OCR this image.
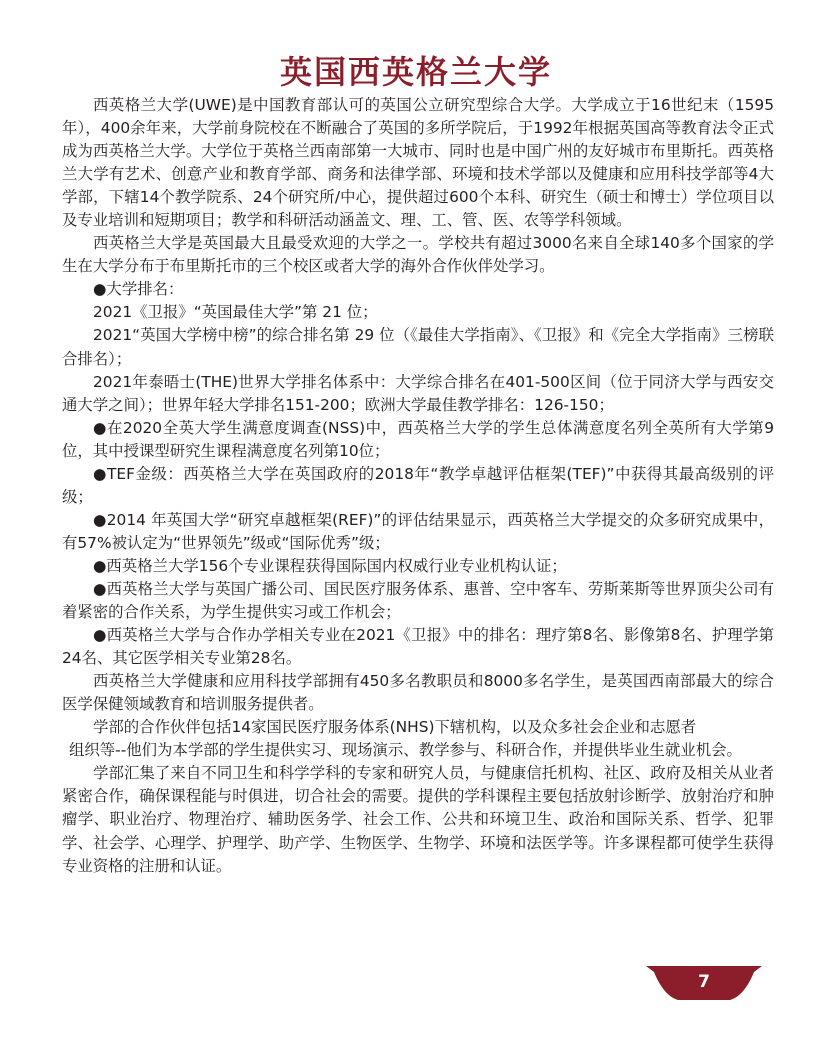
英国西英格兰大学

西英格兰大学(UWE)是中国教育部认可的英国公立研究型综合大学。大学成立于16世纪末（1595年），400余年来，大学前身院校在不断融合了英国的多所学院后，于1992年根据英国高等教育法令正式成为西英格兰大学。大学位于英格兰西南部第一大城市、同时也是中国广州的友好城市布里斯托。西英格兰大学有艺术、创意产业和教育学部、商务和法律学部、环境和技术学部以及健康和应用科技学部等4大学部，下辖14个教学院系、24个研究所/中心，提供超过600个本科、研究生（硕士和博士）学位项目以及专业培训和短期项目；教学和科研活动涵盖文、理、工、管、医、农等学科领域。

西英格兰大学是英国最大且最受欢迎的大学之一。学校共有超过3000名来自全球140多个国家的学生在大学分布于布里斯托市的三个校区或者大学的海外合作伙伴处学习。

●大学排名：

2021《卫报》“英国最佳大学”第 21 位；

2021“英国大学榜中榜”的综合排名第 29 位（《最佳大学指南》、《卫报》和《完全大学指南》三榜联合排名）；

2021年泰晤士(THE)世界大学排名体系中：大学综合排名在401-500区间（位于同济大学与西安交通大学之间）；世界年轻大学排名151-200；欧洲大学最佳教学排名：126-150；

●在2020全英大学生满意度调查(NSS)中，西英格兰大学的学生总体满意度名列全英所有大学第9位，其中授课型研究生课程满意度名列第10位；

●TEF金级：西英格兰大学在英国政府的2018年“教学卓越评估框架(TEF)”中获得其最高级别的评级；

●2014 年英国大学“研究卓越框架(REF)”的评估结果显示，西英格兰大学提交的众多研究成果中，有57%被认定为“世界领先”级或“国际优秀”级；

●西英格兰大学156个专业课程获得国际国内权威行业专业机构认证；

●西英格兰大学与英国广播公司、国民医疗服务体系、惠普、空中客车、劳斯莱斯等世界顶尖公司有着紧密的合作关系，为学生提供实习或工作机会；

●西英格兰大学与合作办学相关专业在2021《卫报》中的排名：理疗第8名、影像第8名、护理学第24名、其它医学相关专业第28名。

西英格兰大学健康和应用科技学部拥有450多名教职员和8000多名学生，是英国西南部最大的综合医学保健领域教育和培训服务提供者。

学部的合作伙伴包括14家国民医疗服务体系(NHS)下辖机构，以及众多社会企业和志愿者

组织等--他们为本学部的学生提供实习、现场演示、教学参与、科研合作，并提供毕业生就业机会。

学部汇集了来自不同卫生和科学学科的专家和研究人员，与健康信托机构、社区、政府及相关从业者紧密合作，确保课程能与时俱进，切合社会的需要。提供的学科课程主要包括放射诊断学、放射治疗和肿瘤学、职业治疗、物理治疗、辅助医务学、社会工作、公共和环境卫生、政治和国际关系、哲学、犯罪学、社会学、心理学、护理学、助产学、生物医学、生物学、环境和法医学等。许多课程都可使学生获得专业资格的注册和认证。

7
